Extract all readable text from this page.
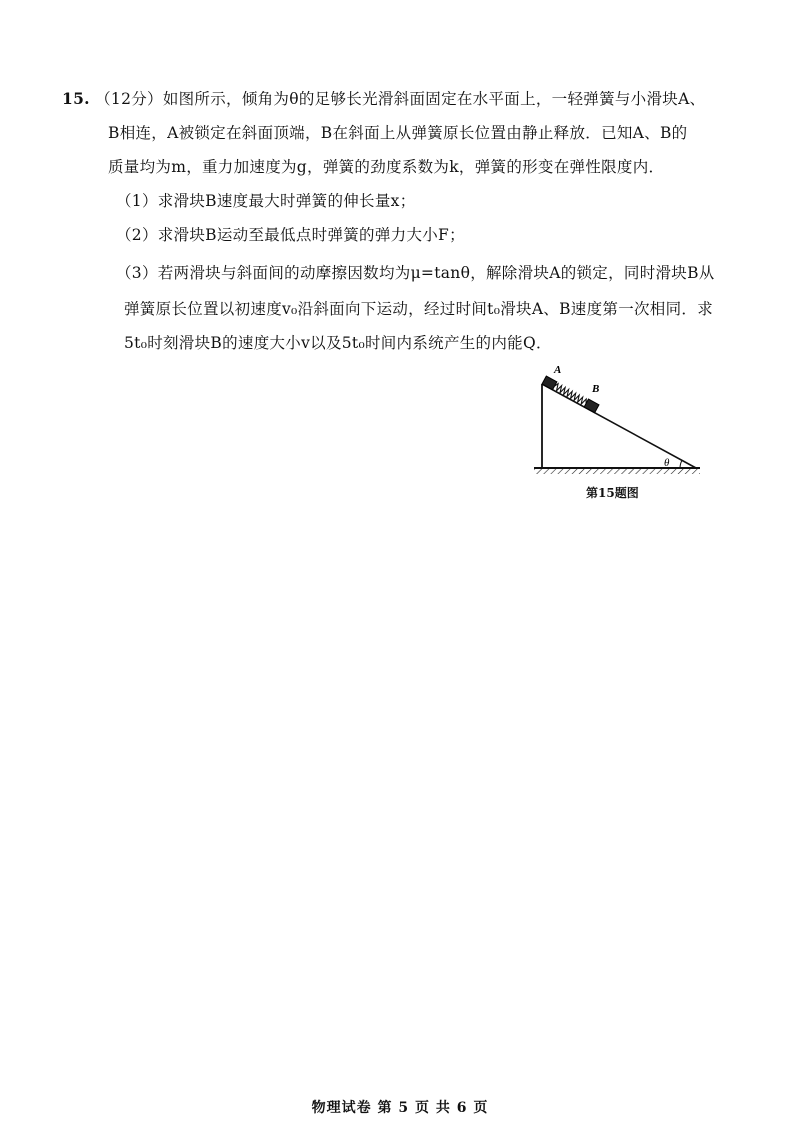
15. （12分）如图所示，倾角为θ的足够长光滑斜面固定在水平面上，一轻弹簧与小滑块A、
B相连，A被锁定在斜面顶端，B在斜面上从弹簧原长位置由静止释放．已知A、B的
质量均为m，重力加速度为g，弹簧的劲度系数为k，弹簧的形变在弹性限度内．
（1）求滑块B速度最大时弹簧的伸长量x；
（2）求滑块B运动至最低点时弹簧的弹力大小F；
（3）若两滑块与斜面间的动摩擦因数均为μ=tanθ，解除滑块A的锁定，同时滑块B从
弹簧原长位置以初速度v₀沿斜面向下运动，经过时间t₀滑块A、B速度第一次相同．求
5t₀时刻滑块B的速度大小v以及5t₀时间内系统产生的内能Q．
A
B
θ
第15题图
物理试卷 第 5 页 共 6 页
